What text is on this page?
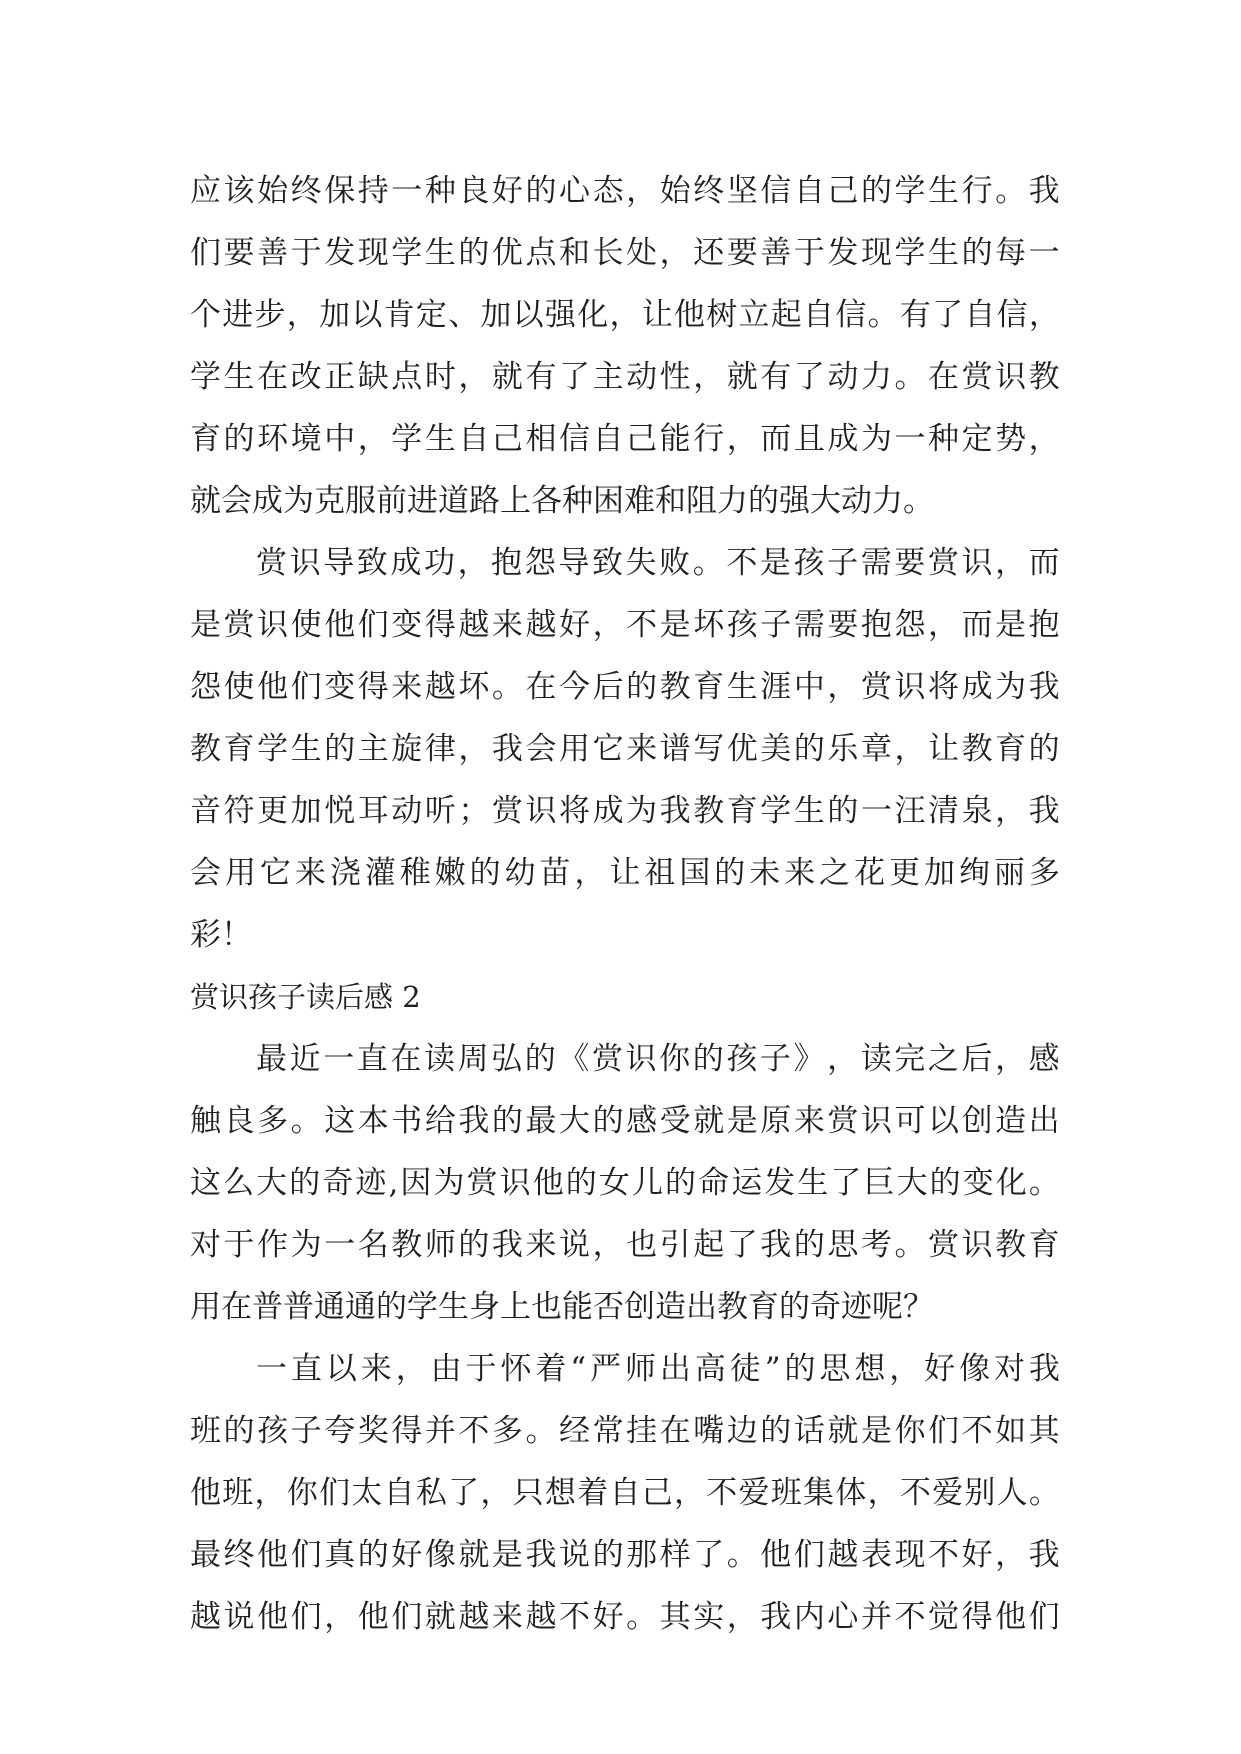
应 该 始 终 保 持 一 种 良 好 的 心 态 ， 始 终 坚 信 自 己 的 学 生 行 。 我
们 要 善 于 发 现 学 生 的 优 点 和 长 处 ， 还 要 善 于 发 现 学 生 的 每 一
个 进 步 ， 加 以 肯 定 、 加 以 强 化 ， 让 他 树 立 起 自 信 。 有 了 自 信 ，
学 生 在 改 正 缺 点 时 ， 就 有 了 主 动 性 ， 就 有 了 动 力 。 在 赏 识 教
育 的 环 境 中 ， 学 生 自 己 相 信 自 己 能 行 ， 而 且 成 为 一 种 定 势 ，
就会成为克服前进道路上各种困难和阻力的强大动力。
赏 识 导 致 成 功 ， 抱 怨 导 致 失 败 。 不 是 孩 子 需 要 赏 识 ， 而
是 赏 识 使 他 们 变 得 越 来 越 好 ， 不 是 坏 孩 子 需 要 抱 怨 ， 而 是 抱
怨 使 他 们 变 得 来 越 坏 。 在 今 后 的 教 育 生 涯 中 ， 赏 识 将 成 为 我
教 育 学 生 的 主 旋 律 ， 我 会 用 它 来 谱 写 优 美 的 乐 章 ， 让 教 育 的
音 符 更 加 悦 耳 动 听 ； 赏 识 将 成 为 我 教 育 学 生 的 一 汪 清 泉 ， 我
会 用 它 来 浇 灌 稚 嫩 的 幼 苗 ， 让 祖 国 的 未 来 之 花 更 加 绚 丽 多
彩！
赏识孩子读后感 2
最 近 一 直 在 读 周 弘 的 《 赏 识 你 的 孩 子 》 ， 读 完 之 后 ， 感
触 良 多 。 这 本 书 给 我 的 最 大 的 感 受 就 是 原 来 赏 识 可 以 创 造 出
这 么 大 的 奇 迹 , 因 为 赏 识 他 的 女 儿 的 命 运 发 生 了 巨 大 的 变 化 。
对 于 作 为 一 名 教 师 的 我 来 说 ， 也 引 起 了 我 的 思 考 。 赏 识 教 育
用在普普通通的学生身上也能否创造出教育的奇迹呢？
一 直 以 来 ， 由 于 怀 着 “ 严 师 出 高 徒 ” 的 思 想 ， 好 像 对 我
班 的 孩 子 夸 奖 得 并 不 多 。 经 常 挂 在 嘴 边 的 话 就 是 你 们 不 如 其
他 班 ， 你 们 太 自 私 了 ， 只 想 着 自 己 ， 不 爱 班 集 体 ， 不 爱 别 人 。
最 终 他 们 真 的 好 像 就 是 我 说 的 那 样 了 。 他 们 越 表 现 不 好 ， 我
越 说 他 们 ， 他 们 就 越 来 越 不 好 。 其 实 ， 我 内 心 并 不 觉 得 他 们
